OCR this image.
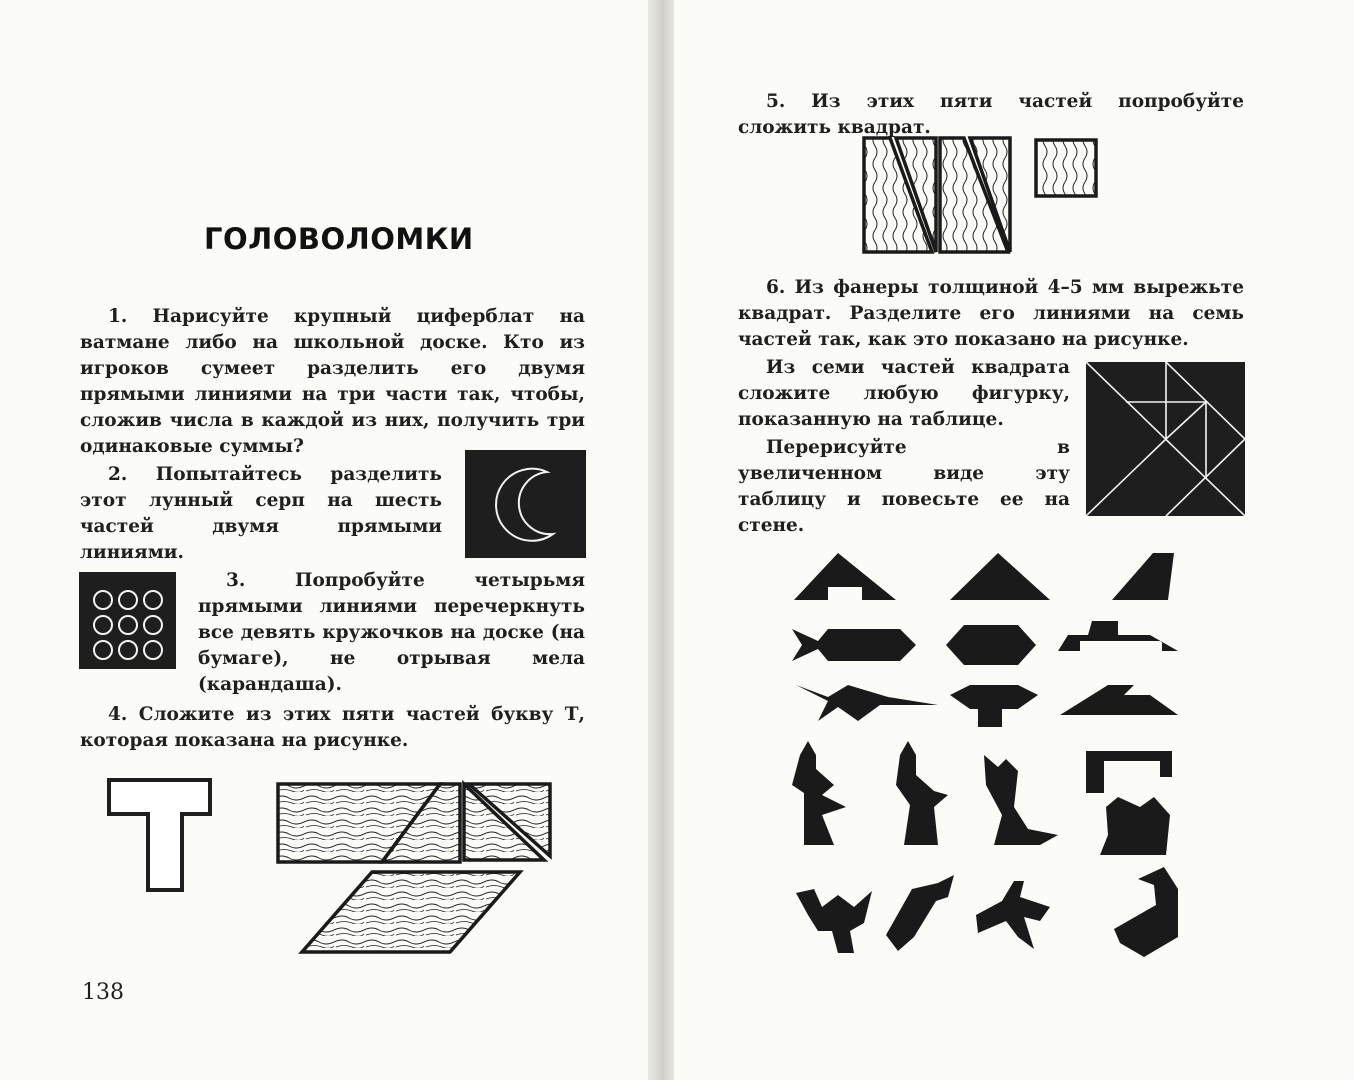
ГОЛОВОЛОМКИ
1. Нарисуйте крупный циферблат на ватмане либо на школьной доске. Кто из игроков сумеет разделить его двумя прямыми линиями на три части так, чтобы, сложив числа в каждой из них, получить три одинаковые суммы?
2. Попытайтесь разделить этот лунный серп на шесть частей двумя прямыми линиями.
3. Попробуйте четырьмя прямыми линиями перечеркнуть все девять кружочков на доске (на бумаге), не отрывая мела (карандаша).
4. Сложите из этих пяти частей букву Т, которая показана на рисунке.
138
5. Из этих пяти частей попробуйте сложить квадрат.
6. Из фанеры толщиной 4–5 мм вырежьте квадрат. Разделите его линиями на семь частей так, как это показано на рисунке.
Из семи частей квадрата сложите любую фигурку, показанную на таблице.
Перерисуйте в увеличенном виде эту таблицу и повесьте ее на стене.
